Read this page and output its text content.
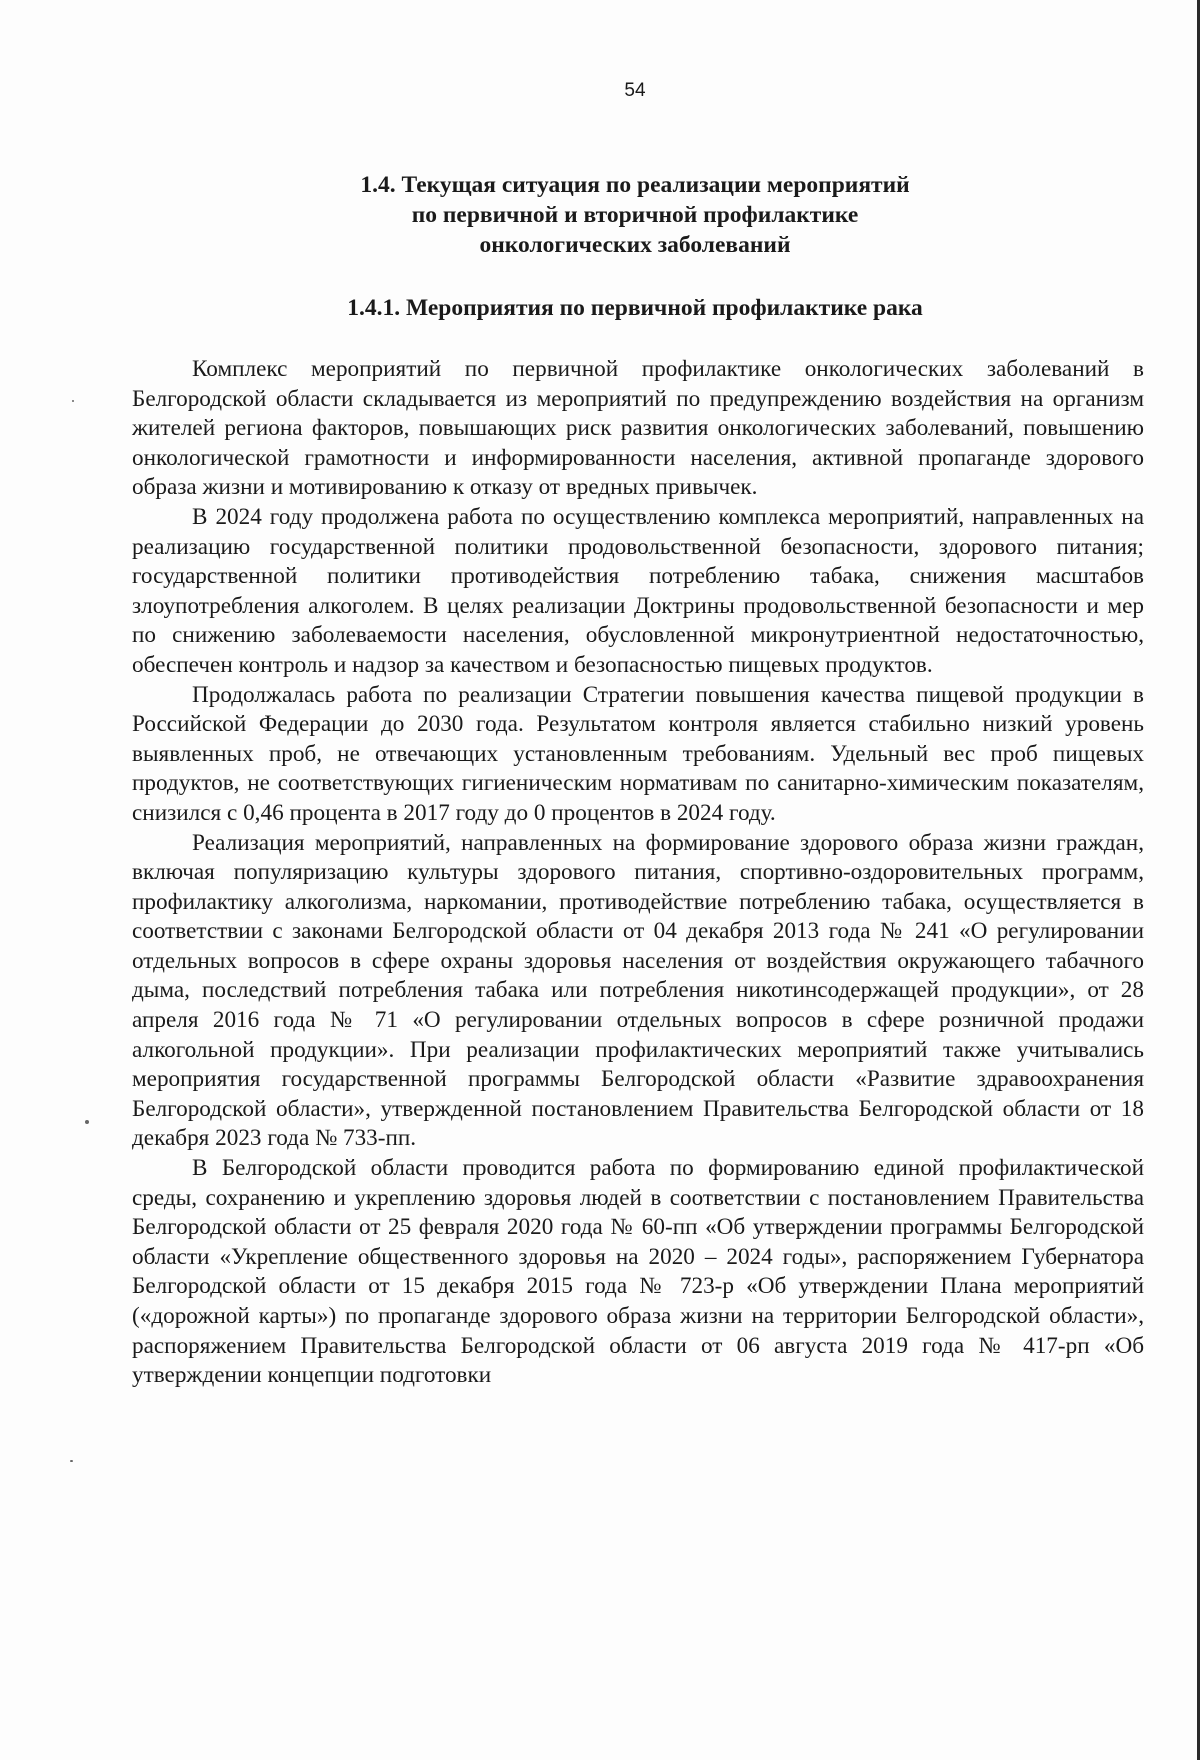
54
1.4. Текущая ситуация по реализации мероприятий
по первичной и вторичной профилактике
онкологических заболеваний
1.4.1. Мероприятия по первичной профилактике рака

Комплекс мероприятий по первичной профилактике онкологических заболеваний в Белгородской области складывается из мероприятий по предупреждению воздействия на организм жителей региона факторов, повышающих риск развития онкологических заболеваний, повышению онкологической грамотности и информированности населения, активной пропаганде здорового образа жизни и мотивированию к отказу от вредных привычек.

В 2024 году продолжена работа по осуществлению комплекса мероприятий, направленных на реализацию государственной политики продовольственной безопасности, здорового питания; государственной политики противодействия потреблению табака, снижения масштабов злоупотребления алкоголем. В целях реализации Доктрины продовольственной безопасности и мер по снижению заболеваемости населения, обусловленной микронутриентной недостаточностью, обеспечен контроль и надзор за качеством и безопасностью пищевых продуктов.

Продолжалась работа по реализации Стратегии повышения качества пищевой продукции в Российской Федерации до 2030 года. Результатом контроля является стабильно низкий уровень выявленных проб, не отвечающих установленным требованиям. Удельный вес проб пищевых продуктов, не соответствующих гигиеническим нормативам по санитарно-химическим показателям, снизился с 0,46 процента в 2017 году до 0 процентов в 2024 году.

Реализация мероприятий, направленных на формирование здорового образа жизни граждан, включая популяризацию культуры здорового питания, спортивно-оздоровительных программ, профилактику алкоголизма, наркомании, противодействие потреблению табака, осуществляется в соответствии с законами Белгородской области от 04 декабря 2013 года № 241 «О регулировании отдельных вопросов в сфере охраны здоровья населения от воздействия окружающего табачного дыма, последствий потребления табака или потребления никотинсодержащей продукции», от 28 апреля 2016 года № 71 «О регулировании отдельных вопросов в сфере розничной продажи алкогольной продукции». При реализации профилактических мероприятий также учитывались мероприятия государственной программы Белгородской области «Развитие здравоохранения Белгородской области», утвержденной постановлением Правительства Белгородской области от 18 декабря 2023 года № 733-пп.

В Белгородской области проводится работа по формированию единой профилактической среды, сохранению и укреплению здоровья людей в соответствии с постановлением Правительства Белгородской области от 25 февраля 2020 года № 60-пп «Об утверждении программы Белгородской области «Укрепление общественного здоровья на 2020 – 2024 годы», распоряжением Губернатора Белгородской области от 15 декабря 2015 года № 723-р «Об утверждении Плана мероприятий («дорожной карты») по пропаганде здорового образа жизни на территории Белгородской области», распоряжением Правительства Белгородской области от 06 августа 2019 года № 417-рп «Об утверждении концепции подготовки
